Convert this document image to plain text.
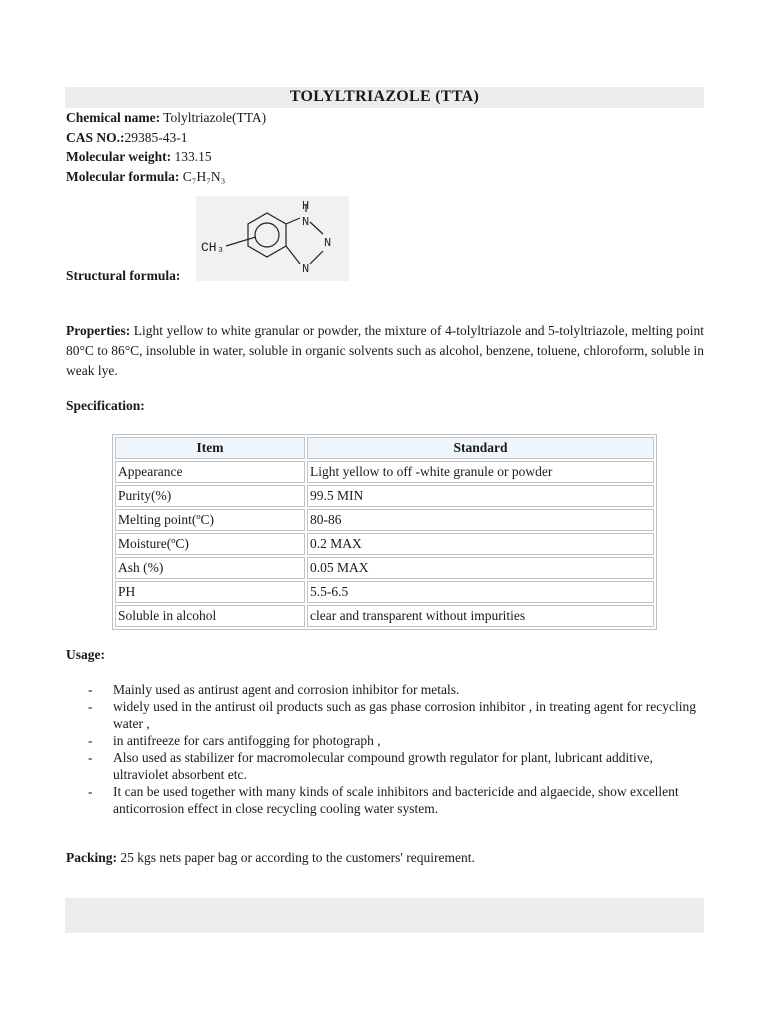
TOLYLTRIAZOLE (TTA)
Chemical name: Tolyltriazole(TTA)
CAS NO.:29385-43-1
Molecular weight: 133.15
Molecular formula: C₇H₇N₃
H
N
N
N
CH₃
Structural formula:
Properties: Light yellow to white granular or powder, the mixture of 4-tolyltriazole and 5-tolyltriazole, melting point 80°C to 86°C, insoluble in water, soluble in organic solvents such as alcohol, benzene, toluene, chloroform, soluble in weak lye.
Specification:
Item	Standard
Appearance	Light yellow to off -white granule or powder
Purity(%)	99.5 MIN
Melting point(ºC)	80-86
Moisture(ºC)	0.2 MAX
Ash (%)	0.05 MAX
PH	5.5-6.5
Soluble in alcohol	clear and transparent without impurities
Usage:
- Mainly used as antirust agent and corrosion inhibitor for metals.
- widely used in the antirust oil products such as gas phase corrosion inhibitor , in treating agent for recycling water ,
- in antifreeze for cars antifogging for photograph ,
- Also used as stabilizer for macromolecular compound growth regulator for plant, lubricant additive, ultraviolet absorbent etc.
- It can be used together with many kinds of scale inhibitors and bactericide and algaecide, show excellent anticorrosion effect in close recycling cooling water system.
Packing: 25 kgs nets paper bag or according to the customers' requirement.
